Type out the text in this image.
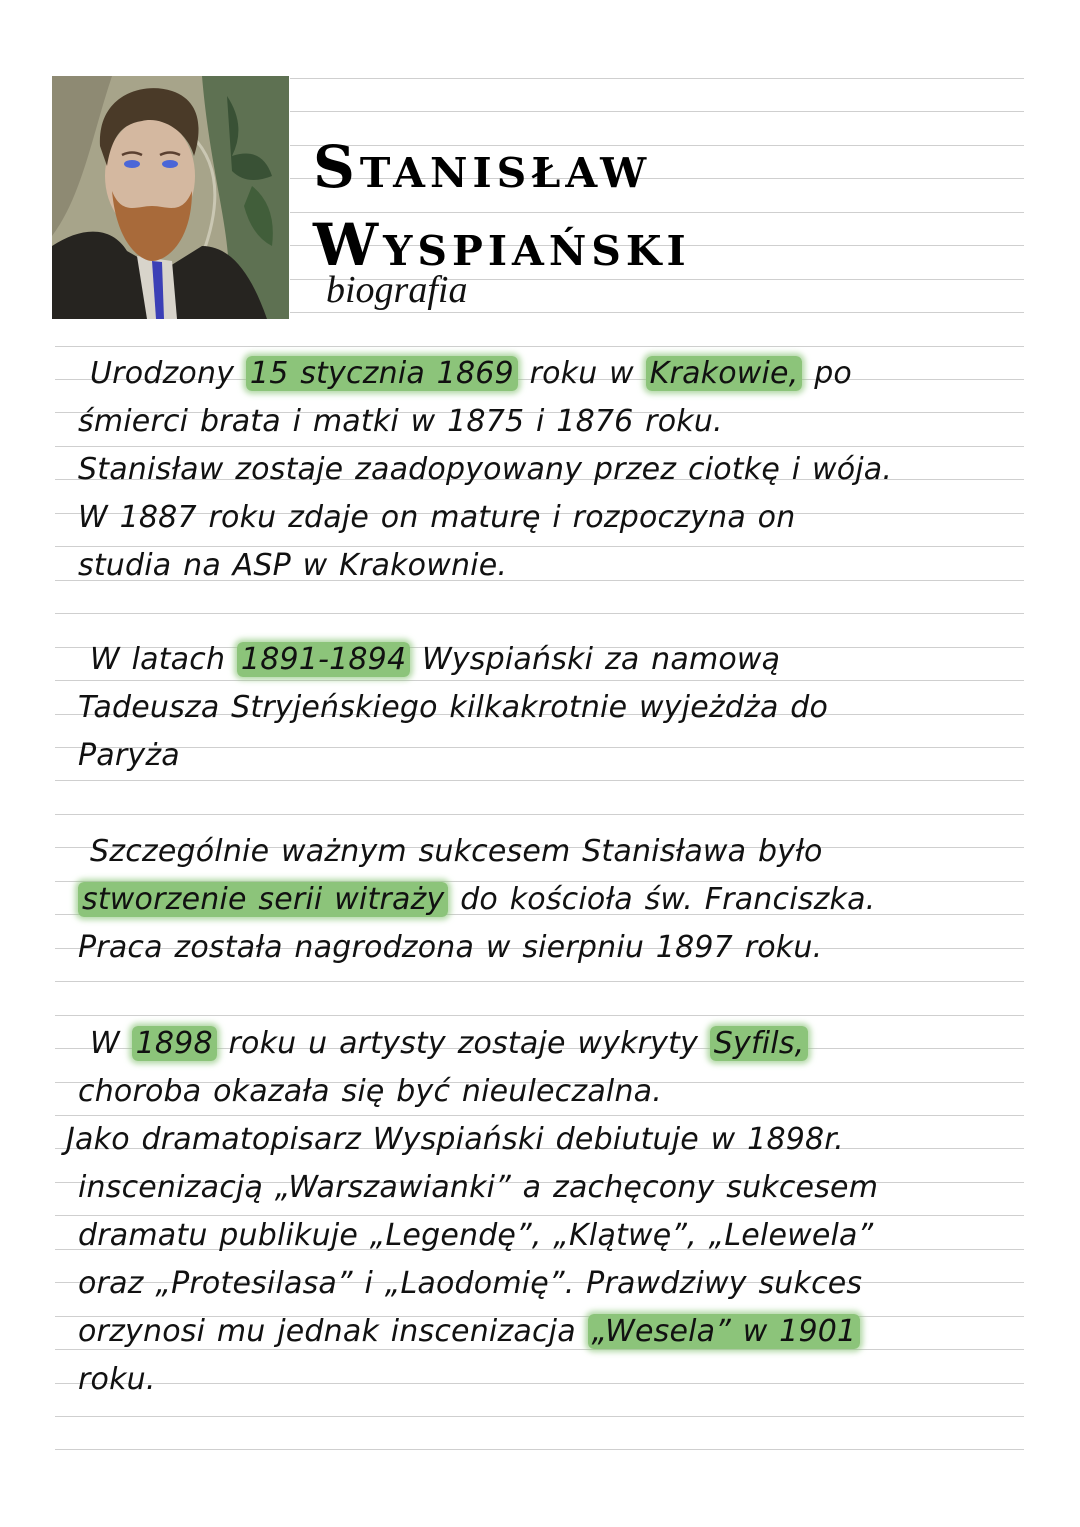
Stanisław
Wyspiański

biografia

Urodzony 15 stycznia 1869 roku w Krakowie, po
śmierci brata i matki w 1875 i 1876 roku.
Stanisław zostaje zaadopyowany przez ciotkę i wója.
W 1887 roku zdaje on maturę i rozpoczyna on
studia na ASP w Krakownie.
W latach 1891-1894 Wyspiański za namową
Tadeusza Stryjeńskiego kilkakrotnie wyjeżdża do
Paryża
Szczególnie ważnym sukcesem Stanisława było
stworzenie serii witraży do kościoła św. Franciszka.
Praca została nagrodzona w sierpniu 1897 roku.
W 1898 roku u artysty zostaje wykryty Syfils,
choroba okazała się być nieuleczalna.
Jako dramatopisarz Wyspiański debiutuje w 1898r.
inscenizacją „Warszawianki” a zachęcony sukcesem
dramatu publikuje „Legendę”, „Klątwę”, „Lelewela”
oraz „Protesilasa” i „Laodomię”. Prawdziwy sukces
orzynosi mu jednak inscenizacja „Wesela” w 1901
roku.
